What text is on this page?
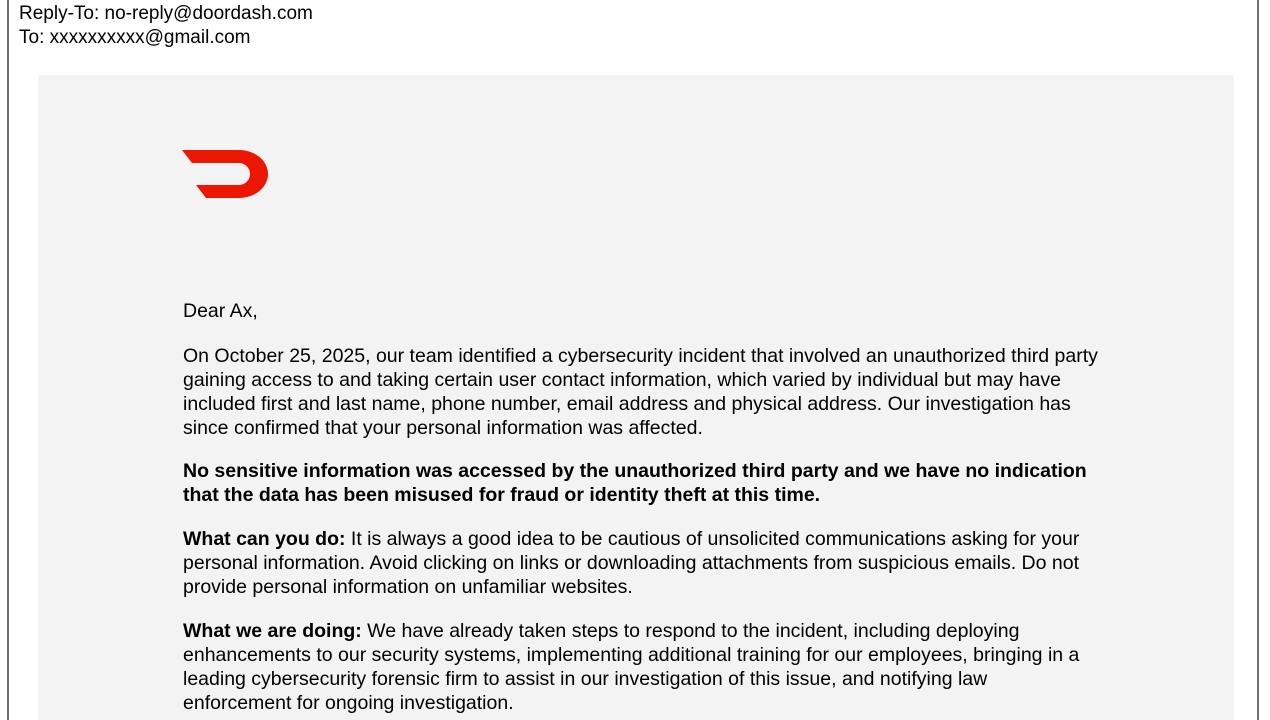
Reply-To: no-reply@doordash.com
To: xxxxxxxxxx@gmail.com
Dear Ax,
On October 25, 2025, our team identified a cybersecurity incident that involved an unauthorized third party gaining access to and taking certain user contact information, which varied by individual but may have included first and last name, phone number, email address and physical address. Our investigation has since confirmed that your personal information was affected.
No sensitive information was accessed by the unauthorized third party and we have no indication that the data has been misused for fraud or identity theft at this time.
What can you do: It is always a good idea to be cautious of unsolicited communications asking for your personal information. Avoid clicking on links or downloading attachments from suspicious emails. Do not provide personal information on unfamiliar websites.
What we are doing: We have already taken steps to respond to the incident, including deploying enhancements to our security systems, implementing additional training for our employees, bringing in a leading cybersecurity forensic firm to assist in our investigation of this issue, and notifying law enforcement for ongoing investigation.
